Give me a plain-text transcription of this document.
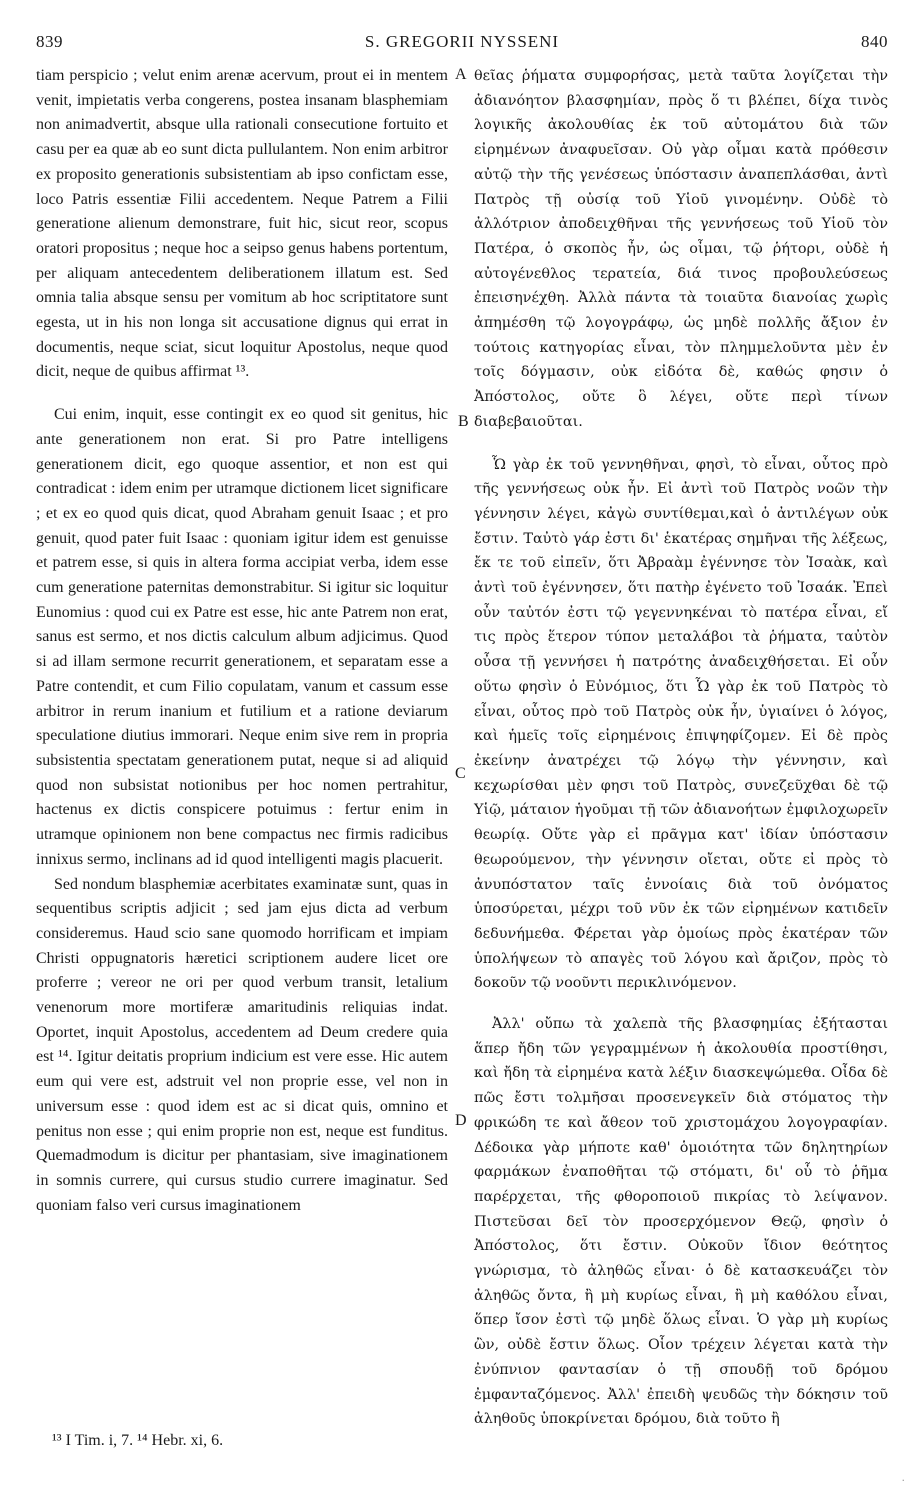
839	S. GREGORII NYSSENI	840

tiam perspicio ; velut enim arenæ acervum, prout ei in mentem venit, impietatis verba congerens, postea insanam blasphemiam non animadvertit, absque ulla rationali consecutione fortuito et casu per ea quæ ab eo sunt dicta pullulantem. Non enim arbitror ex proposito generationis subsistentiam ab ipso confictam esse, loco Patris essentiæ Filii accedentem. Neque Patrem a Filii generatione alienum demonstrare, fuit hic, sicut reor, scopus oratori propositus ; neque hoc a seipso genus habens portentum, per aliquam antecedentem deliberationem illatum est. Sed omnia talia absque sensu per vomitum ab hoc scriptitatore sunt egesta, ut in his non longa sit accusatione dignus qui errat in documentis, neque sciat, sicut loquitur Apostolus, neque quod dicit, neque de quibus affirmat ¹³.

Cui enim, inquit, esse contingit ex eo quod sit genitus, hic ante generationem non erat. Si pro Patre intelligens generationem dicit, ego quoque assentior, et non est qui contradicat : idem enim per utramque dictionem licet significare ; et ex eo quod quis dicat, quod Abraham genuit Isaac ; et pro genuit, quod pater fuit Isaac : quoniam igitur idem est genuisse et patrem esse, si quis in altera forma accipiat verba, idem esse cum generatione paternitas demonstrabitur. Si igitur sic loquitur Eunomius : quod cui ex Patre est esse, hic ante Patrem non erat, sanus est sermo, et nos dictis calculum album adjicimus. Quod si ad illam sermone recurrit generationem, et separatam esse a Patre contendit, et cum Filio copulatam, vanum et cassum esse arbitror in rerum inanium et futilium et a ratione deviarum speculatione diutius immorari. Neque enim sive rem in propria subsistentia spectatam generationem putat, neque si ad aliquid quod non subsistat notionibus per hoc nomen pertrahitur, hactenus ex dictis conspicere potuimus : fertur enim in utramque opinionem non bene compactus nec firmis radicibus innixus sermo, inclinans ad id quod intelligenti magis placuerit.

Sed nondum blasphemiæ acerbitates examinatæ sunt, quas in sequentibus scriptis adjicit ; sed jam ejus dicta ad verbum consideremus. Haud scio sane quomodo horrificam et impiam Christi oppugnatoris hæretici scriptionem audere licet ore proferre ; vereor ne ori per quod verbum transit, letalium venenorum more mortiferæ amaritudinis reliquias indat. Oportet, inquit Apostolus, accedentem ad Deum credere quia est ¹⁴. Igitur deitatis proprium indicium est vere esse. Hic autem eum qui vere est, adstruit vel non proprie esse, vel non in universum esse : quod idem est ac si dicat quis, omnino et penitus non esse ; qui enim proprie non est, neque est funditus. Quemadmodum is dicitur per phantasiam, sive imaginationem in somnis currere, qui cursus studio currere imaginatur. Sed quoniam falso veri cursus imaginationem

θεῖας ῥήματα συμφορήσας, μετὰ ταῦτα λογίζεται τὴν ἀδιανόητον βλασφημίαν, πρὸς ὅ τι βλέπει, δίχα τινὸς λογικῆς ἀκολουθίας ἐκ τοῦ αὐτομάτου διὰ τῶν εἰρημένων ἀναφυεῖσαν. Οὐ γὰρ οἶμαι κατὰ πρόθεσιν αὐτῷ τὴν τῆς γενέσεως ὑπόστασιν ἀναπεπλάσθαι, ἀντὶ Πατρὸς τῇ οὐσίᾳ τοῦ Υἱοῦ γινομένην. Οὐδὲ τὸ ἀλλότριον ἀποδειχθῆναι τῆς γεννήσεως τοῦ Υἱοῦ τὸν Πατέρα, ὁ σκοπὸς ἦν, ὡς οἶμαι, τῷ ῥήτορι, οὐδὲ ἡ αὐτογένεθλος τερατεία, διά τινος προβουλεύσεως ἐπεισηνέχθη. Ἀλλὰ πάντα τὰ τοιαῦτα διανοίας χωρὶς ἀπημέσθη τῷ λογογράφῳ, ὡς μηδὲ πολλῆς ἄξιον ἐν τούτοις κατηγορίας εἶναι, τὸν πλημμελοῦντα μὲν ἐν τοῖς δόγμασιν, οὐκ εἰδότα δὲ, καθώς φησιν ὁ Ἀπόστολος, οὔτε ὃ λέγει, οὔτε περὶ τίνων διαβεβαιοῦται.

Ὧ γὰρ ἐκ τοῦ γεννηθῆναι, φησὶ, τὸ εἶναι, οὗτος πρὸ τῆς γεννήσεως οὐκ ἦν. Εἰ ἀντὶ τοῦ Πατρὸς νοῶν τὴν γέννησιν λέγει, κἀγὼ συντίθεμαι,καὶ ὁ ἀντιλέγων οὐκ ἔστιν. Ταὐτὸ γάρ ἐστι δι' ἑκατέρας σημῆναι τῆς λέξεως, ἔκ τε τοῦ εἰπεῖν, ὅτι Ἀβραὰμ ἐγέννησε τὸν Ἰσαὰκ, καὶ ἀντὶ τοῦ ἐγέννησεν, ὅτι πατὴρ ἐγένετο τοῦ Ἰσαάκ. Ἐπεὶ οὖν ταὐτόν ἐστι τῷ γεγεννηκέναι τὸ πατέρα εἶναι, εἴ τις πρὸς ἕτερον τύπον μεταλάβοι τὰ ῥήματα, ταὐτὸν οὖσα τῇ γεννήσει ἡ πατρότης ἀναδειχθήσεται. Εἰ οὖν οὕτω φησὶν ὁ Εὐνόμιος, ὅτι Ὧ γὰρ ἐκ τοῦ Πατρὸς τὸ εἶναι, οὗτος πρὸ τοῦ Πατρὸς οὐκ ἦν, ὑγιαίνει ὁ λόγος, καὶ ἡμεῖς τοῖς εἰρημένοις ἐπιψηφίζομεν. Εἰ δὲ πρὸς ἐκείνην ἀνατρέχει τῷ λόγῳ τὴν γέννησιν, καὶ κεχωρίσθαι μὲν φησι τοῦ Πατρὸς, συνεζεῦχθαι δὲ τῷ Υἱῷ, μάταιον ἡγοῦμαι τῇ τῶν ἀδιανοήτων ἐμφιλοχωρεῖν θεωρίᾳ. Οὔτε γὰρ εἰ πρᾶγμα κατ' ἰδίαν ὑπόστασιν θεωρούμενον, τὴν γέννησιν οἴεται, οὔτε εἰ πρὸς τὸ ἀνυπόστατον ταῖς ἐννοίαις διὰ τοῦ ὀνόματος ὑποσύρεται, μέχρι τοῦ νῦν ἐκ τῶν εἰρημένων κατιδεῖν δεδυνήμεθα. Φέρεται γὰρ ὁμοίως πρὸς ἑκατέραν τῶν ὑπολήψεων τὸ απαγὲς τοῦ λόγου καὶ ἄριζον, πρὸς τὸ δοκοῦν τῷ νοοῦντι περικλινόμενον.

Ἀλλ' οὔπω τὰ χαλεπὰ τῆς βλασφημίας ἐξήτασται ἅπερ ἤδη τῶν γεγραμμένων ἡ ἀκολουθία προστίθησι, καὶ ἤδη τὰ εἰρημένα κατὰ λέξιν διασκεψώμεθα. Οἶδα δὲ πῶς ἔστι τολμῆσαι προσενεγκεῖν διὰ στόματος τὴν φρικώδη τε καὶ ἄθεον τοῦ χριστομάχου λογογραφίαν. Δέδοικα γὰρ μήποτε καθ' ὁμοιότητα τῶν δηλητηρίων φαρμάκων ἐναποθῆται τῷ στόματι, δι' οὗ τὸ ῥῆμα παρέρχεται, τῆς φθοροποιοῦ πικρίας τὸ λείψανον. Πιστεῦσαι δεῖ τὸν προσερχόμενον Θεῷ, φησὶν ὁ Ἀπόστολος, ὅτι ἔστιν. Οὐκοῦν ἴδιον θεότητος γνώρισμα, τὸ ἀληθῶς εἶναι· ὁ δὲ κατασκευάζει τὸν ἀληθῶς ὄντα, ἢ μὴ κυρίως εἶναι, ἢ μὴ καθόλου εἶναι, ὅπερ ἴσον ἐστὶ τῷ μηδὲ ὅλως εἶναι. Ὁ γὰρ μὴ κυρίως ὢν, οὐδὲ ἔστιν ὅλως. Οἷον τρέχειν λέγεται κατὰ τὴν ἐνύπνιον φαντασίαν ὁ τῇ σπουδῇ τοῦ δρόμου ἐμφανταζόμενος. Ἀλλ' ἐπειδὴ ψευδῶς τὴν δόκησιν τοῦ ἀληθοῦς ὑποκρίνεται δρόμου, διὰ τοῦτο ἢ

A
B
C
D
¹³ I Tim. i, 7. ¹⁴ Hebr. xi, 6.
·
